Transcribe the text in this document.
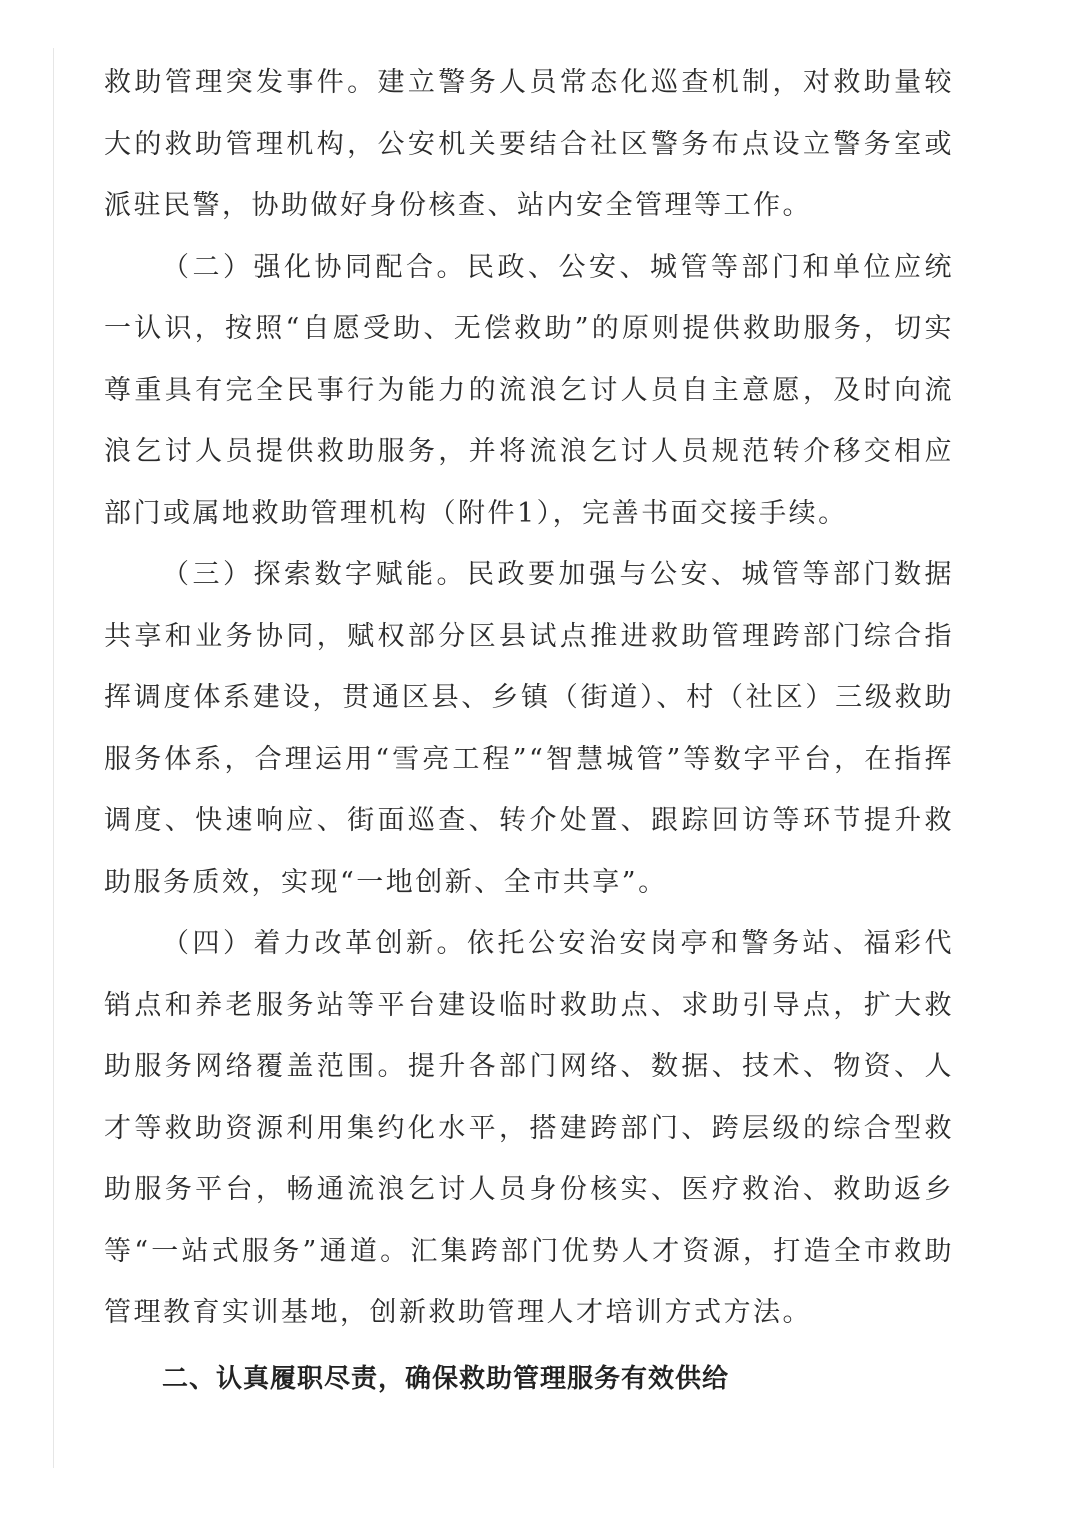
救助管理突发事件。建立警务人员常态化巡查机制，对救助量较大的救助管理机构，公安机关要结合社区警务布点设立警务室或派驻民警，协助做好身份核查、站内安全管理等工作。

（二）强化协同配合。民政、公安、城管等部门和单位应统一认识，按照“自愿受助、无偿救助”的原则提供救助服务，切实尊重具有完全民事行为能力的流浪乞讨人员自主意愿，及时向流浪乞讨人员提供救助服务，并将流浪乞讨人员规范转介移交相应部门或属地救助管理机构（附件1），完善书面交接手续。

（三）探索数字赋能。民政要加强与公安、城管等部门数据共享和业务协同，赋权部分区县试点推进救助管理跨部门综合指挥调度体系建设，贯通区县、乡镇（街道）、村（社区）三级救助服务体系，合理运用“雪亮工程”“智慧城管”等数字平台，在指挥调度、快速响应、街面巡查、转介处置、跟踪回访等环节提升救助服务质效，实现“一地创新、全市共享”。

（四）着力改革创新。依托公安治安岗亭和警务站、福彩代销点和养老服务站等平台建设临时救助点、求助引导点，扩大救助服务网络覆盖范围。提升各部门网络、数据、技术、物资、人才等救助资源利用集约化水平，搭建跨部门、跨层级的综合型救助服务平台，畅通流浪乞讨人员身份核实、医疗救治、救助返乡等“一站式服务”通道。汇集跨部门优势人才资源，打造全市救助管理教育实训基地，创新救助管理人才培训方式方法。

二、认真履职尽责，确保救助管理服务有效供给
